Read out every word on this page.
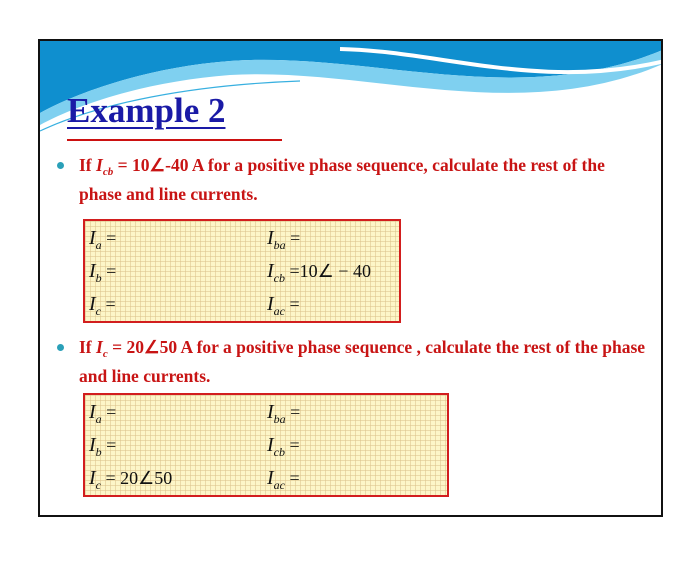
Example 2
If $I_{cb}$ = 10∠-40 A for a positive phase sequence, calculate the rest of the phase and line currents.
$I_a$ =
$I_b$ =
$I_c$ =
$I_{ba}$ =
$I_{cb}$ =10∠ − 40
$I_{ac}$ =
If $I_c$ = 20∠50 A for a positive phase sequence , calculate the rest of the phase and line currents.
$I_a$ =
$I_b$ =
$I_c$ = 20∠50
$I_{ba}$ =
$I_{cb}$ =
$I_{ac}$ =
